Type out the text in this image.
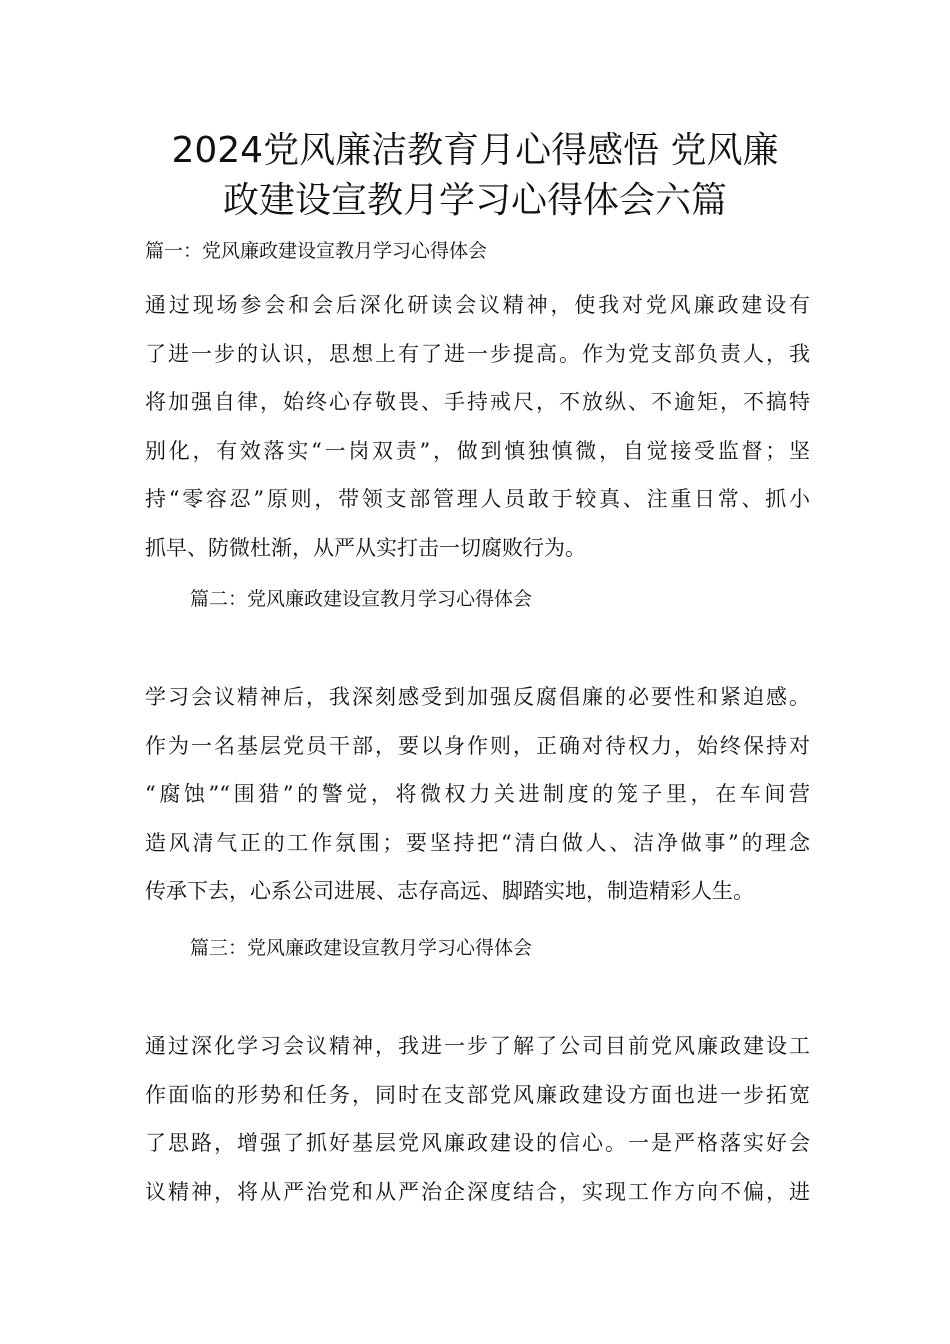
2024党风廉洁教育月心得感悟 党风廉
政建设宣教月学习心得体会六篇
篇一：党风廉政建设宣教月学习心得体会
通过现场参会和会后深化研读会议精神，使我对党风廉政建设有
了进一步的认识，思想上有了进一步提高。作为党支部负责人，我
将加强自律，始终心存敬畏、手持戒尺，不放纵、不逾矩，不搞特
别化，有效落实“一岗双责”，做到慎独慎微，自觉接受监督；坚
持“零容忍”原则，带领支部管理人员敢于较真、注重日常、抓小
抓早、防微杜渐，从严从实打击一切腐败行为。
篇二：党风廉政建设宣教月学习心得体会
学习会议精神后，我深刻感受到加强反腐倡廉的必要性和紧迫感。
作为一名基层党员干部，要以身作则，正确对待权力，始终保持对
“腐蚀”“围猎”的警觉，将微权力关进制度的笼子里，在车间营
造风清气正的工作氛围；要坚持把“清白做人、洁净做事”的理念
传承下去，心系公司进展、志存高远、脚踏实地，制造精彩人生。
篇三：党风廉政建设宣教月学习心得体会
通过深化学习会议精神，我进一步了解了公司目前党风廉政建设工
作面临的形势和任务，同时在支部党风廉政建设方面也进一步拓宽
了思路，增强了抓好基层党风廉政建设的信心。一是严格落实好会
议精神，将从严治党和从严治企深度结合，实现工作方向不偏，进
